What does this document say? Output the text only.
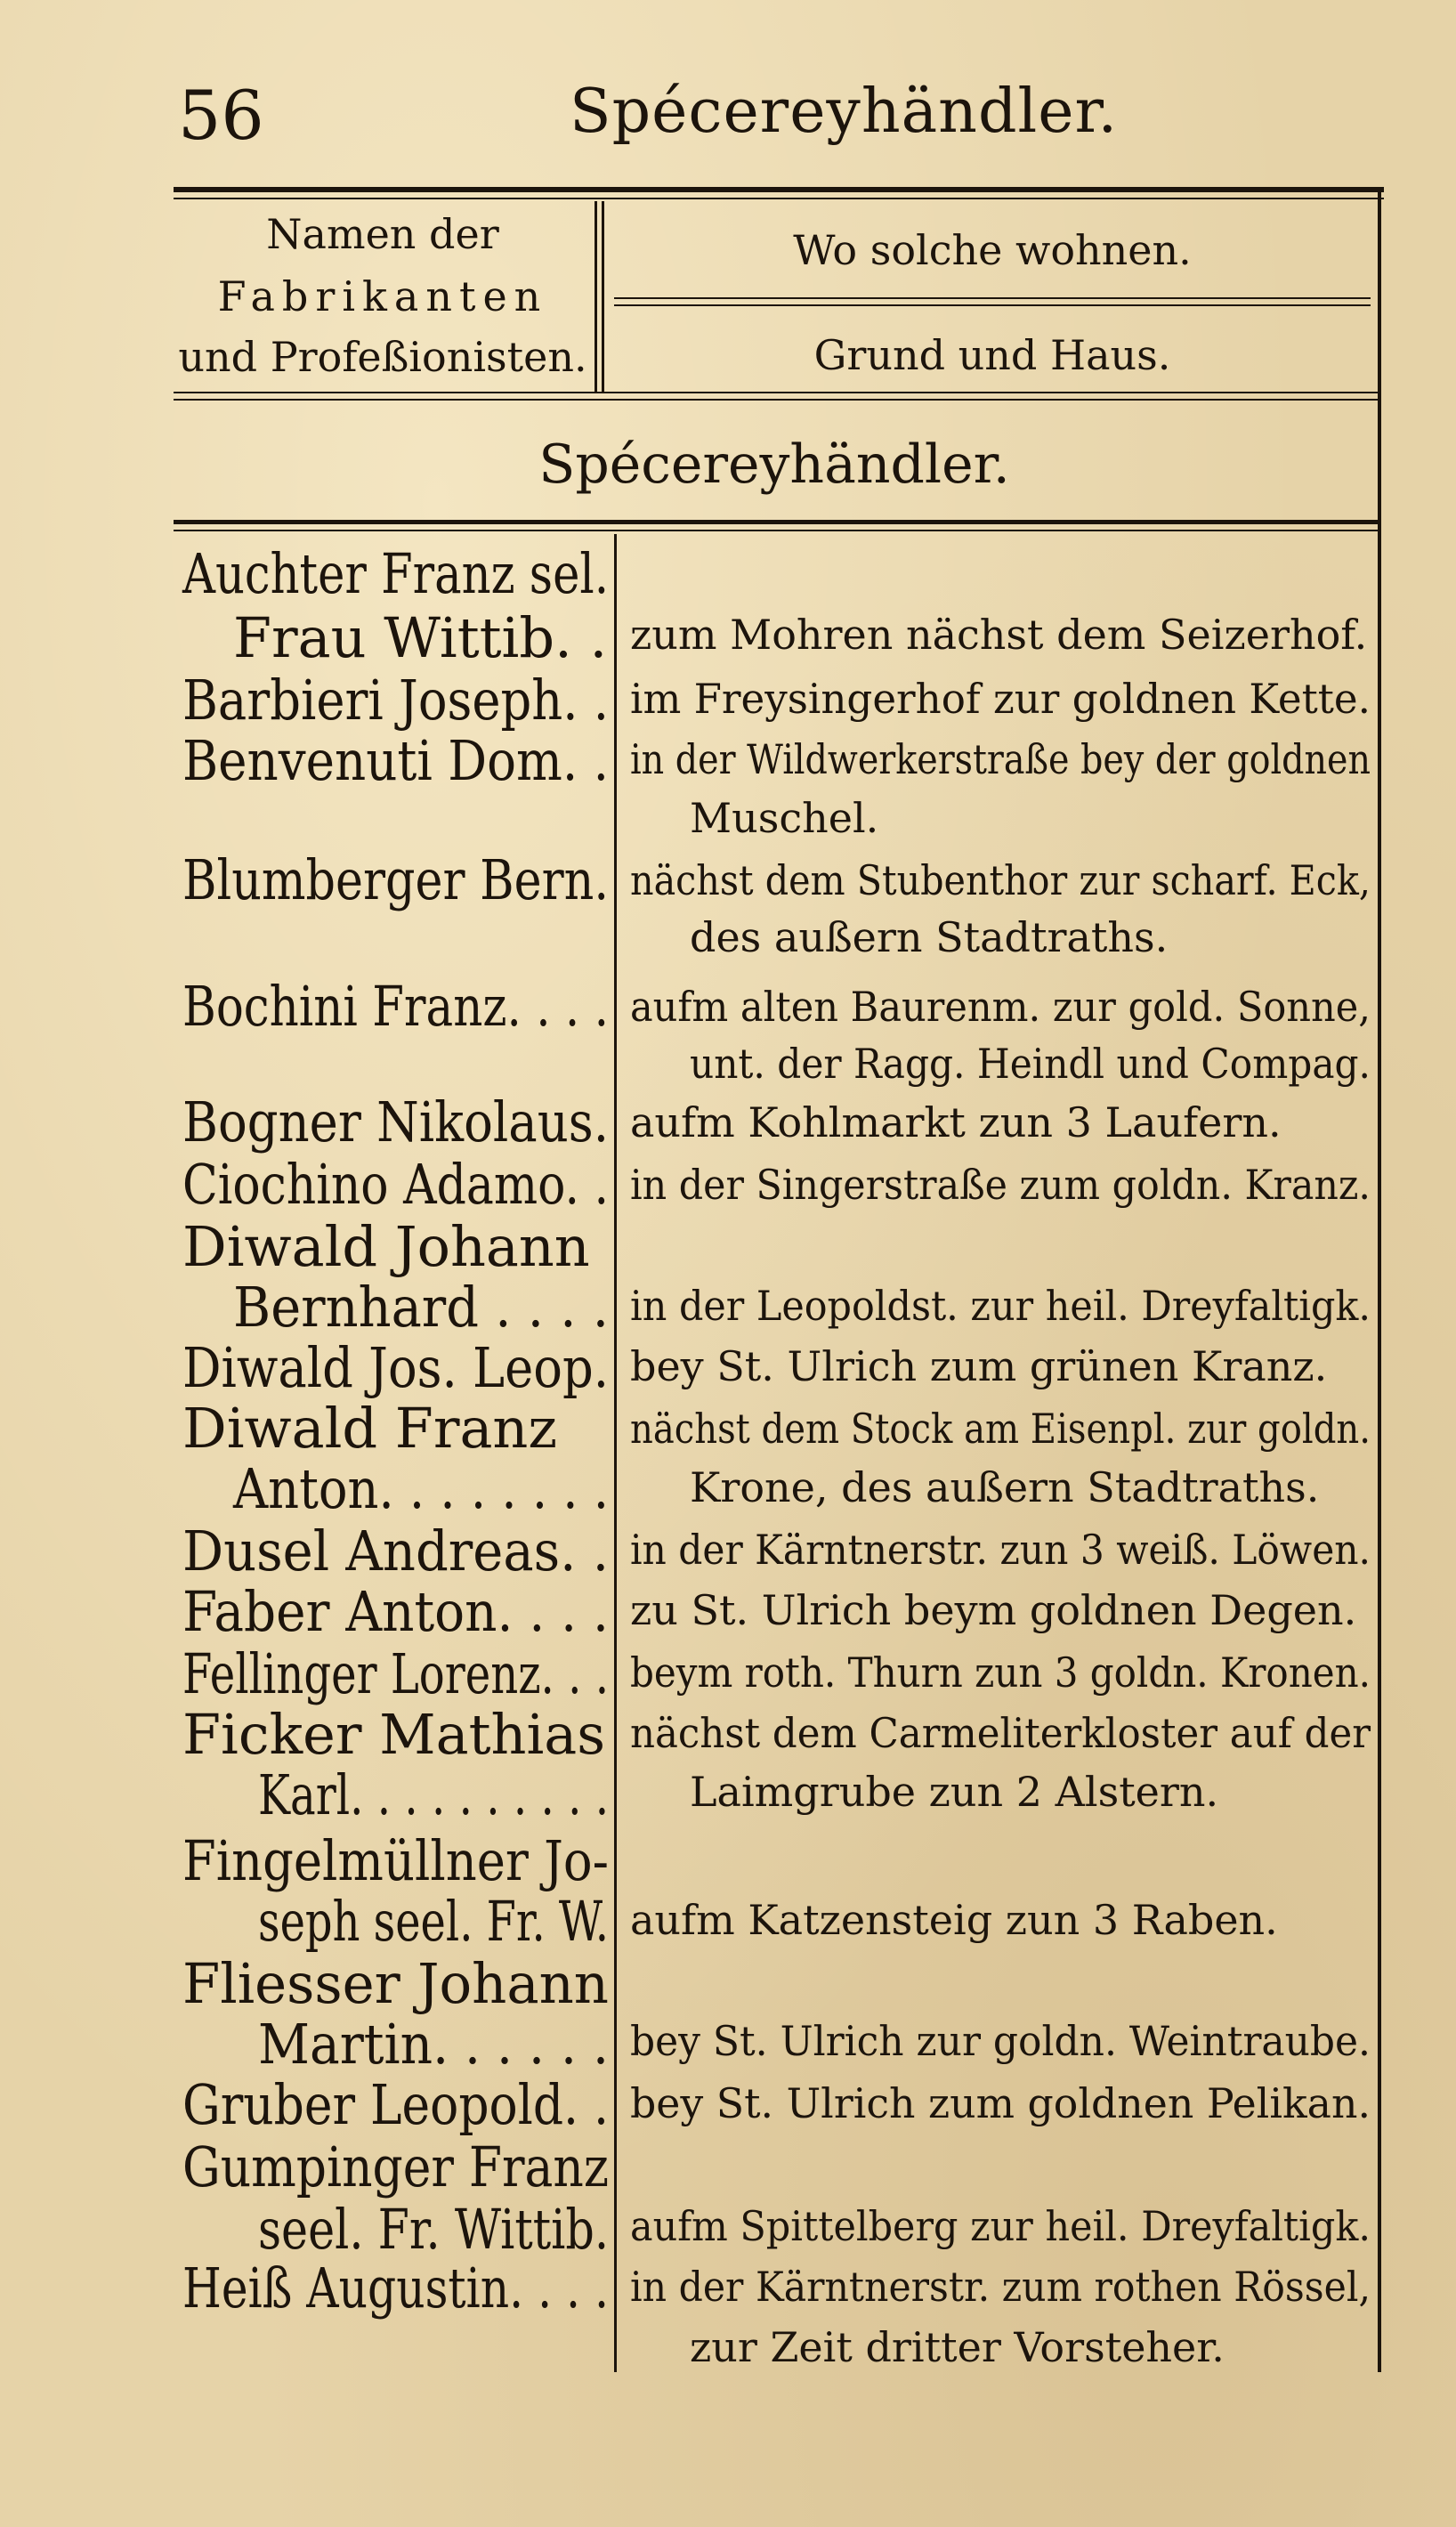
56	Spécereyhändler.
Namen der
Fabrikanten
und Profeßionisten.
Wo solche wohnen.
Grund und Haus.
Spécereyhändler.
Auchter Franz sel.
Frau Wittib. . zum Mohren nächst dem Seizerhof.
Barbieri Joseph. . im Freysingerhof zur goldnen Kette.
Benvenuti Dom. . in der Wildwerkerstraße bey der goldnen
Muschel.
Blumberger Bern. nächst dem Stubenthor zur scharf. Eck,
des außern Stadtraths.
Bochini Franz. . . . aufm alten Baurenm. zur gold. Sonne,
unt. der Ragg. Heindl und Compag.
Bogner Nikolaus. aufm Kohlmarkt zun 3 Laufern.
Ciochino Adamo. . in der Singerstraße zum goldn. Kranz.
Diwald Johann
Bernhard . . . . in der Leopoldst. zur heil. Dreyfaltigk.
Diwald Jos. Leop. bey St. Ulrich zum grünen Kranz.
Diwald Franz nächst dem Stock am Eisenpl. zur goldn.
Anton. . . . . . . . Krone, des außern Stadtraths.
Dusel Andreas. . in der Kärntnerstr. zun 3 weiß. Löwen.
Faber Anton. . . . zu St. Ulrich beym goldnen Degen.
Fellinger Lorenz. . . beym roth. Thurn zun 3 goldn. Kronen.
Ficker Mathias nächst dem Carmeliterkloster auf der
Karl. . . . . . . . . . Laimgrube zun 2 Alstern.
Fingelmüllner Jo-
seph seel. Fr. W. aufm Katzensteig zun 3 Raben.
Fliesser Johann
Martin. . . . . . bey St. Ulrich zur goldn. Weintraube.
Gruber Leopold. . bey St. Ulrich zum goldnen Pelikan.
Gumpinger Franz
seel. Fr. Wittib. aufm Spittelberg zur heil. Dreyfaltigk.
Heiß Augustin. . . . in der Kärntnerstr. zum rothen Rössel,
zur Zeit dritter Vorsteher.
